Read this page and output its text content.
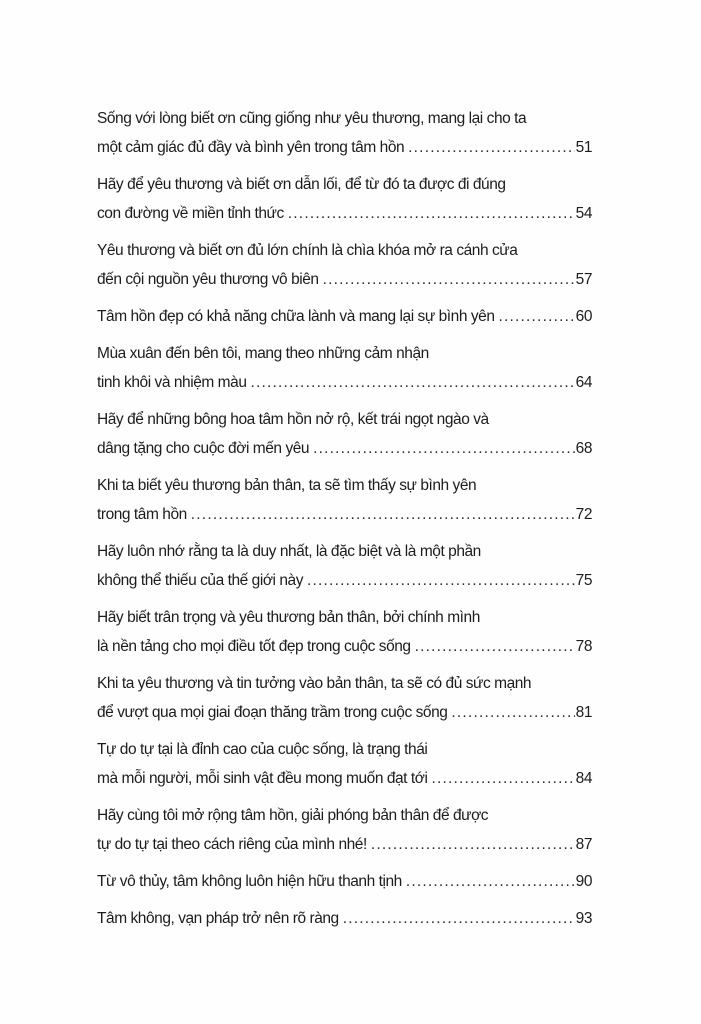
Sống với lòng biết ơn cũng giống như yêu thương, mang lại cho ta
một cảm giác đủ đầy và bình yên trong tâm hồn .....	51
Hãy để yêu thương và biết ơn dẫn lối, để từ đó ta được đi đúng
con đường về miền tỉnh thức .....	54
Yêu thương và biết ơn đủ lớn chính là chìa khóa mở ra cánh cửa
đến cội nguồn yêu thương vô biên .....	57
Tâm hồn đẹp có khả năng chữa lành và mang lại sự bình yên .....	60
Mùa xuân đến bên tôi, mang theo những cảm nhận
tinh khôi và nhiệm màu .....	64
Hãy để những bông hoa tâm hồn nở rộ, kết trái ngọt ngào và
dâng tặng cho cuộc đời mến yêu .....	68
Khi ta biết yêu thương bản thân, ta sẽ tìm thấy sự bình yên
trong tâm hồn .....	72
Hãy luôn nhớ rằng ta là duy nhất, là đặc biệt và là một phần
không thể thiếu của thế giới này .....	75
Hãy biết trân trọng và yêu thương bản thân, bởi chính mình
là nền tảng cho mọi điều tốt đẹp trong cuộc sống .....	78
Khi ta yêu thương và tin tưởng vào bản thân, ta sẽ có đủ sức mạnh
để vượt qua mọi giai đoạn thăng trầm trong cuộc sống .....	81
Tự do tự tại là đỉnh cao của cuộc sống, là trạng thái
mà mỗi người, mỗi sinh vật đều mong muốn đạt tới .....	84
Hãy cùng tôi mở rộng tâm hồn, giải phóng bản thân để được
tự do tự tại theo cách riêng của mình nhé! .....	87
Từ vô thủy, tâm không luôn hiện hữu thanh tịnh .....	90
Tâm không, vạn pháp trở nên rõ ràng .....	93
